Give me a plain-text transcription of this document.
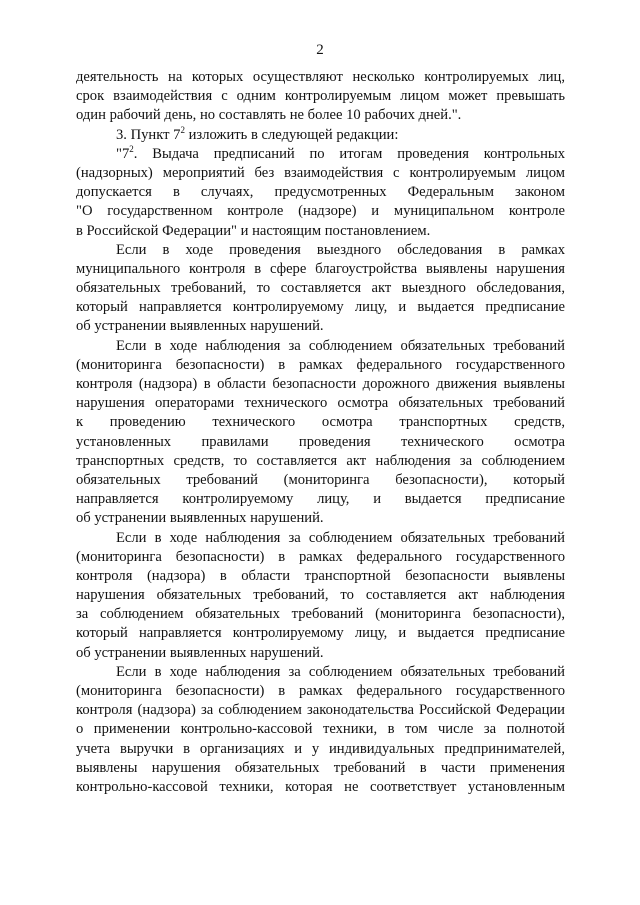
2
деятельность на которых осуществляют несколько контролируемых лиц,
срок взаимодействия с одним контролируемым лицом может превышать
один рабочий день, но составлять не более 10 рабочих дней.".
3. Пункт $7^2$ изложить в следующей редакции:
"$7^2$. Выдача предписаний по итогам проведения контрольных
(надзорных) мероприятий без взаимодействия с контролируемым лицом
допускается в случаях, предусмотренных Федеральным законом
"О государственном контроле (надзоре) и муниципальном контроле
в Российской Федерации" и настоящим постановлением.
Если в ходе проведения выездного обследования в рамках
муниципального контроля в сфере благоустройства выявлены нарушения
обязательных требований, то составляется акт выездного обследования,
который направляется контролируемому лицу, и выдается предписание
об устранении выявленных нарушений.
Если в ходе наблюдения за соблюдением обязательных требований
(мониторинга безопасности) в рамках федерального государственного
контроля (надзора) в области безопасности дорожного движения выявлены
нарушения операторами технического осмотра обязательных требований
к проведению технического осмотра транспортных средств,
установленных правилами проведения технического осмотра
транспортных средств, то составляется акт наблюдения за соблюдением
обязательных требований (мониторинга безопасности), который
направляется контролируемому лицу, и выдается предписание
об устранении выявленных нарушений.
Если в ходе наблюдения за соблюдением обязательных требований
(мониторинга безопасности) в рамках федерального государственного
контроля (надзора) в области транспортной безопасности выявлены
нарушения обязательных требований, то составляется акт наблюдения
за соблюдением обязательных требований (мониторинга безопасности),
который направляется контролируемому лицу, и выдается предписание
об устранении выявленных нарушений.
Если в ходе наблюдения за соблюдением обязательных требований
(мониторинга безопасности) в рамках федерального государственного
контроля (надзора) за соблюдением законодательства Российской Федерации
о применении контрольно-кассовой техники, в том числе за полнотой
учета выручки в организациях и у индивидуальных предпринимателей,
выявлены нарушения обязательных требований в части применения
контрольно-кассовой техники, которая не соответствует установленным
